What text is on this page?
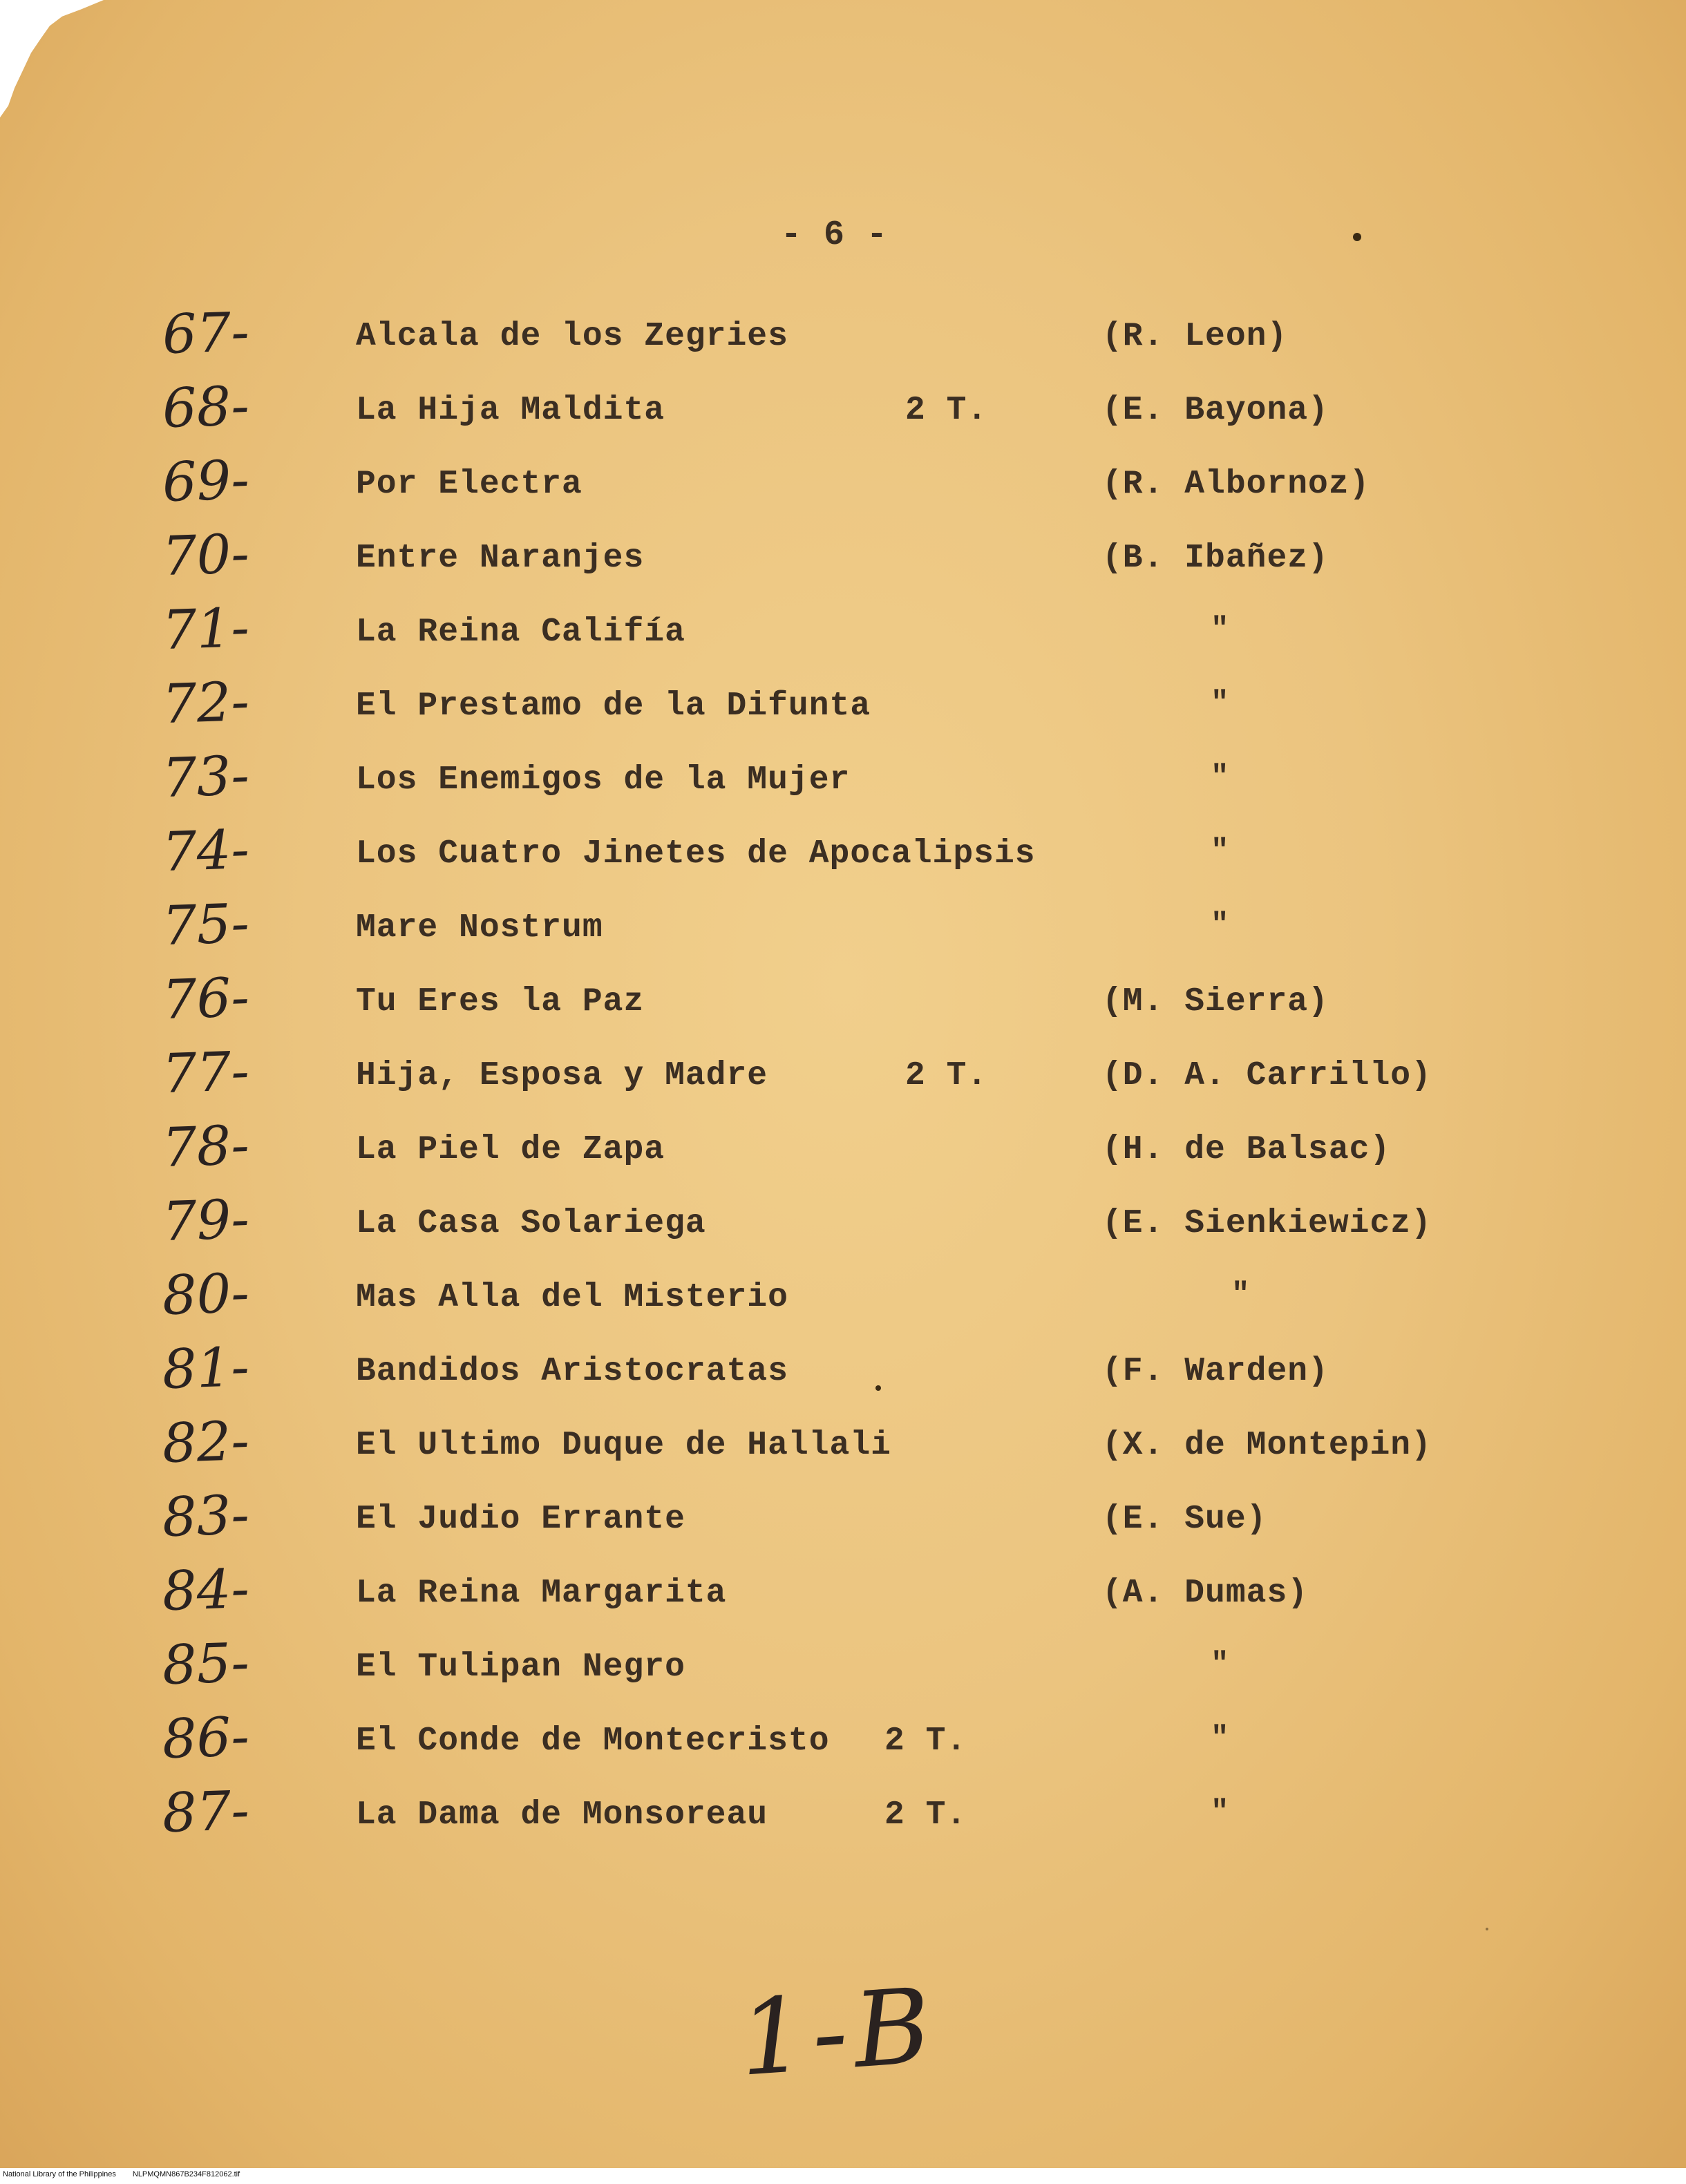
- 6 -
67-	Alcala de los Zegries	(R. Leon)
68-	La Hija Maldita	2 T.	(E. Bayona)
69-	Por Electra	(R. Albornoz)
70-	Entre Naranjes	(B. Ibañez)
71-	La Reina Califía	"
72-	El Prestamo de la Difunta	"
73-	Los Enemigos de la Mujer	"
74-	Los Cuatro Jinetes de Apocalipsis	"
75-	Mare Nostrum	"
76-	Tu Eres la Paz	(M. Sierra)
77-	Hija, Esposa y Madre	2 T.	(D. A. Carrillo)
78-	La Piel de Zapa	(H. de Balsac)
79-	La Casa Solariega	(E. Sienkiewicz)
80-	Mas Alla del Misterio	"
81-	Bandidos Aristocratas	(F. Warden)
82-	El Ultimo Duque de Hallali	(X. de Montepin)
83-	El Judio Errante	(E. Sue)
84-	La Reina Margarita	(A. Dumas)
85-	El Tulipan Negro	"
86-	El Conde de Montecristo 2 T.	"
87-	La Dama de Monsoreau	2 T.	"
1-B
National Library of the Philippines NLPMQMN867B234F812062.tif
